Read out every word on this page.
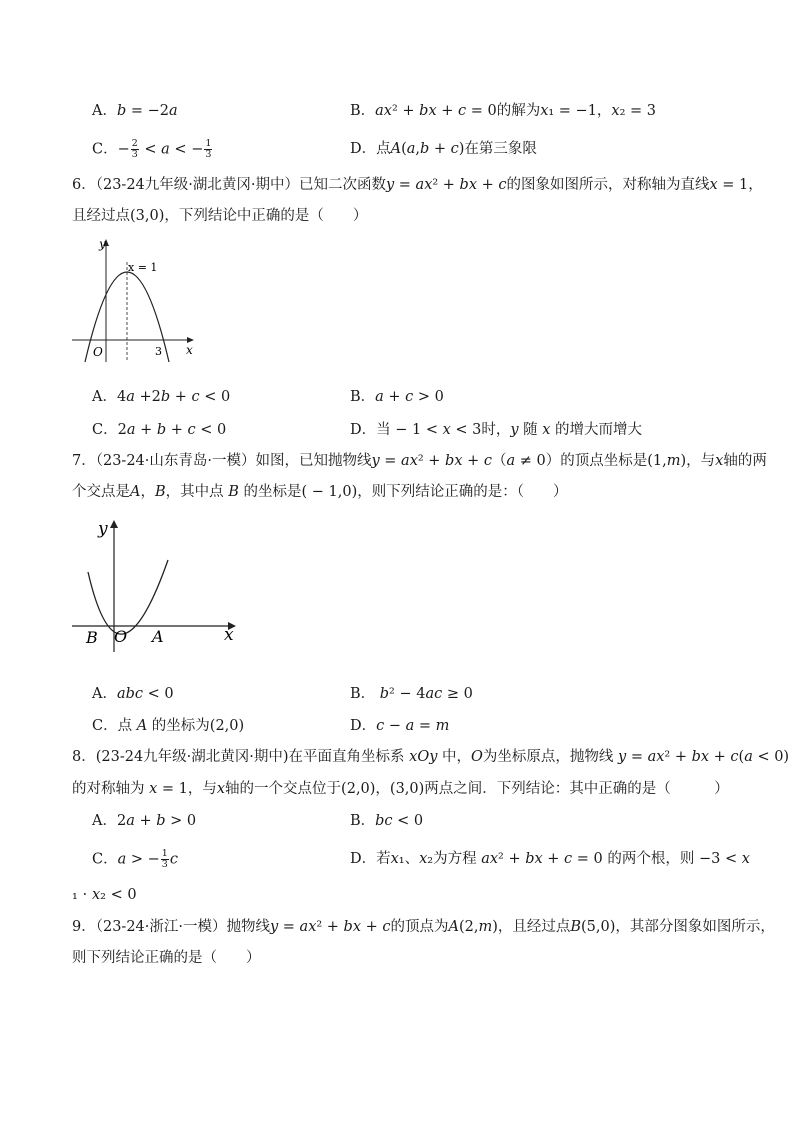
A．𝑏 = −2𝑎	B．𝑎𝑥² + 𝑏𝑥 + 𝑐 = 0的解为𝑥₁ = −1，𝑥₂ = 3
C．− $\frac{2}{3}$ < 𝑎 < − $\frac{1}{3}$	D．点𝐴(𝑎,𝑏 + 𝑐)在第三象限
6．（23-24九年级·湖北黄冈·期中）已知二次函数𝑦 = 𝑎𝑥² + 𝑏𝑥 + 𝑐的图象如图所示，对称轴为直线𝑥 = 1，
且经过点(3,0)，下列结论中正确的是（　　）
y
x
O	3
x = 1
A．4𝑎 +2𝑏 + 𝑐 < 0	B．𝑎 + 𝑐 > 0
C．2𝑎 + 𝑏 + 𝑐 < 0	D．当 − 1 < 𝑥 < 3时，𝑦 随 𝑥 的增大而增大
7．（23-24·山东青岛·一模）如图，已知抛物线𝑦 = 𝑎𝑥² + 𝑏𝑥 + 𝑐（𝑎 ≠ 0）的顶点坐标是(1,𝑚)，与𝑥轴的两
个交点是𝐴，𝐵，其中点 𝐵 的坐标是( − 1,0)，则下列结论正确的是：（　　）
y
x
B O A
A．𝑎𝑏𝑐 < 0	B． 𝑏² − 4𝑎𝑐 ≥ 0
C．点 𝐴 的坐标为(2,0)	D．𝑐 − 𝑎 = 𝑚
8．(23-24九年级·湖北黄冈·期中)在平面直角坐标系 𝑥𝑂𝑦 中，𝑂为坐标原点，抛物线 𝑦 = 𝑎𝑥² + 𝑏𝑥 + 𝑐(𝑎 < 0)
的对称轴为 𝑥 = 1，与𝑥轴的一个交点位于(2,0)，(3,0)两点之间．下列结论：其中正确的是（　　　）
A．2𝑎 + 𝑏 > 0	B．𝑏𝑐 < 0
C．𝑎 > − $\frac{1}{3}$ 𝑐	D．若𝑥₁、𝑥₂为方程 𝑎𝑥² + 𝑏𝑥 + 𝑐 = 0 的两个根，则 −3 < 𝑥
₁ ⋅ 𝑥₂ < 0
9．（23-24·浙江·一模）抛物线𝑦 = 𝑎𝑥² + 𝑏𝑥 + 𝑐的顶点为𝐴(2,𝑚)，且经过点𝐵(5,0)，其部分图象如图所示，
则下列结论正确的是（　　）
